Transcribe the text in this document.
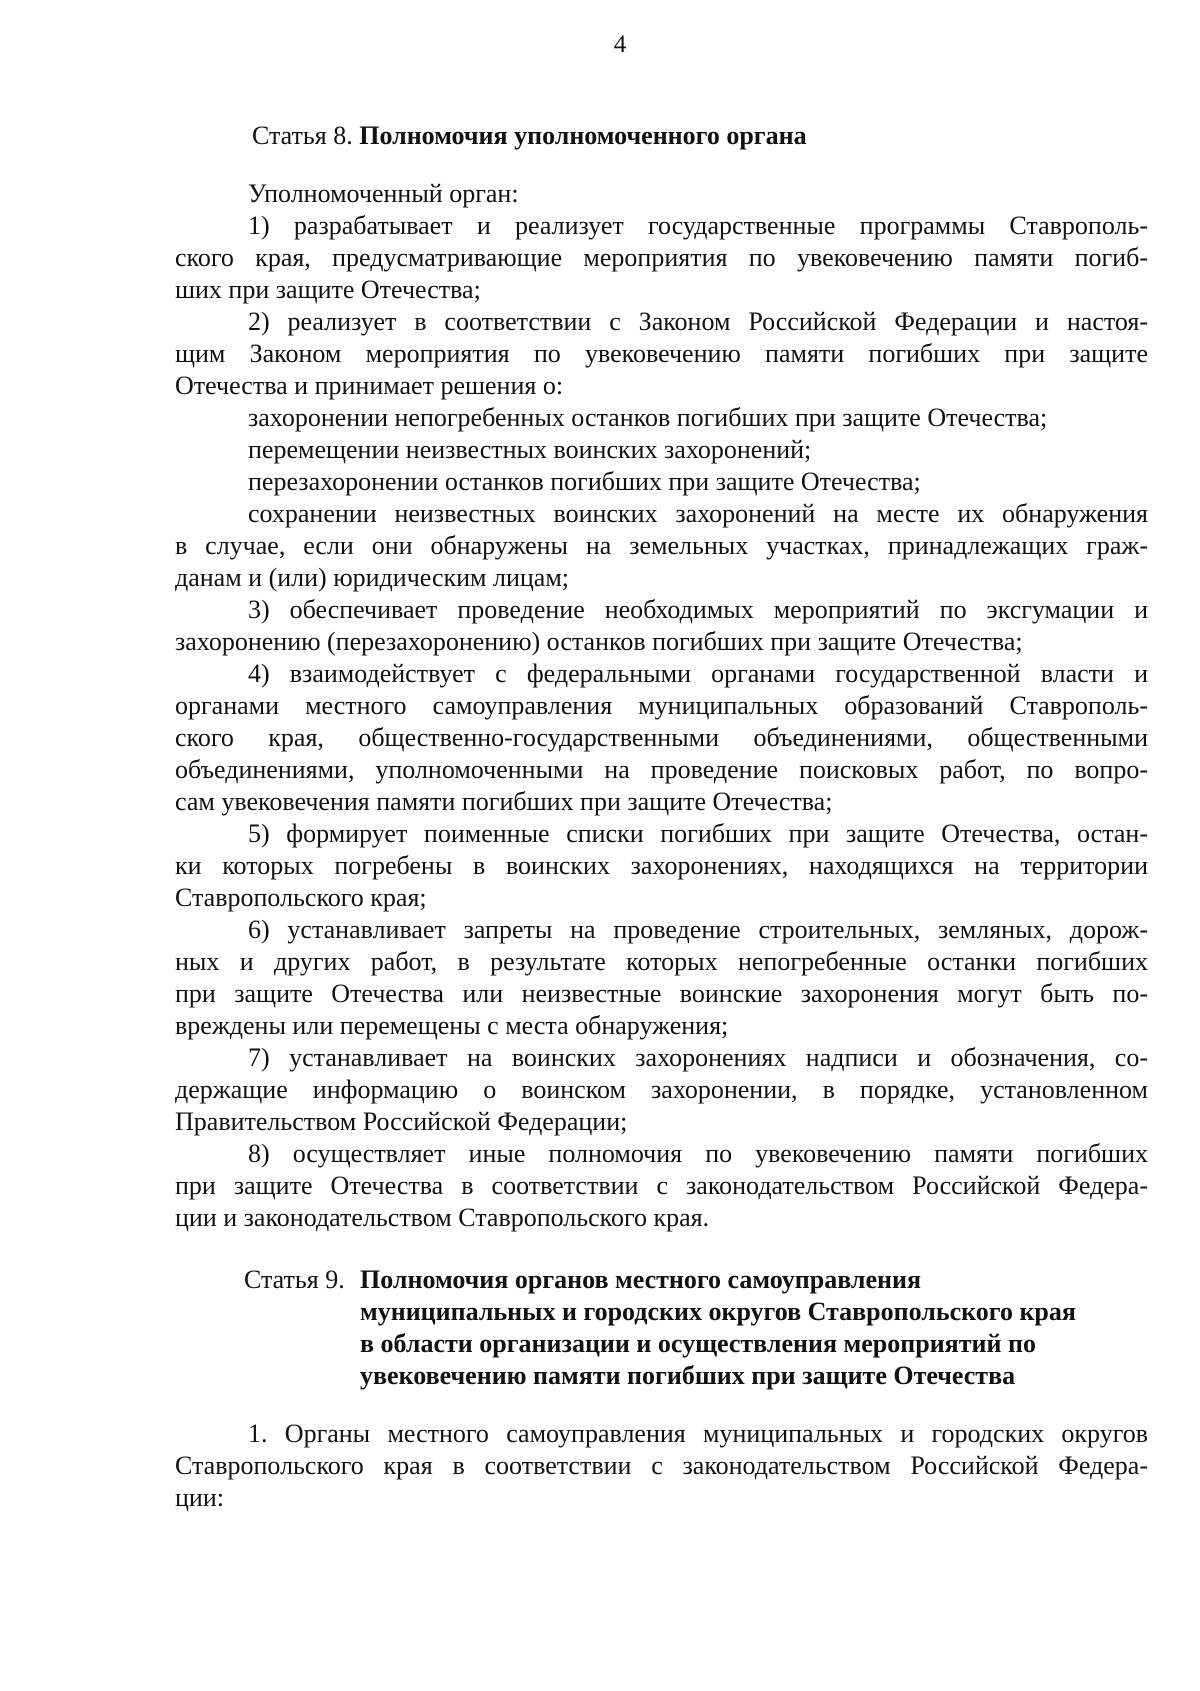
4
Статья 8. Полномочия уполномоченного органа
Уполномоченный орган:
1) разрабатывает и реализует государственные программы Ставрополь-
ского края, предусматривающие мероприятия по увековечению памяти погиб-
ших при защите Отечества;
2) реализует в соответствии с Законом Российской Федерации и настоя-
щим Законом мероприятия по увековечению памяти погибших при защите
Отечества и принимает решения о:
захоронении непогребенных останков погибших при защите Отечества;
перемещении неизвестных воинских захоронений;
перезахоронении останков погибших при защите Отечества;
сохранении неизвестных воинских захоронений на месте их обнаружения
в случае, если они обнаружены на земельных участках, принадлежащих граж-
данам и (или) юридическим лицам;
3) обеспечивает проведение необходимых мероприятий по эксгумации и
захоронению (перезахоронению) останков погибших при защите Отечества;
4) взаимодействует с федеральными органами государственной власти и
органами местного самоуправления муниципальных образований Ставрополь-
ского края, общественно-государственными объединениями, общественными
объединениями, уполномоченными на проведение поисковых работ, по вопро-
сам увековечения памяти погибших при защите Отечества;
5) формирует поименные списки погибших при защите Отечества, остан-
ки которых погребены в воинских захоронениях, находящихся на территории
Ставропольского края;
6) устанавливает запреты на проведение строительных, земляных, дорож-
ных и других работ, в результате которых непогребенные останки погибших
при защите Отечества или неизвестные воинские захоронения могут быть по-
вреждены или перемещены с места обнаружения;
7) устанавливает на воинских захоронениях надписи и обозначения, со-
держащие информацию о воинском захоронении, в порядке, установленном
Правительством Российской Федерации;
8) осуществляет иные полномочия по увековечению памяти погибших
при защите Отечества в соответствии с законодательством Российской Федера-
ции и законодательством Ставропольского края.
Статья 9. Полномочия органов местного самоуправления
муниципальных и городских округов Ставропольского края
в области организации и осуществления мероприятий по
увековечению памяти погибших при защите Отечества
1. Органы местного самоуправления муниципальных и городских округов
Ставропольского края в соответствии с законодательством Российской Федера-
ции:
